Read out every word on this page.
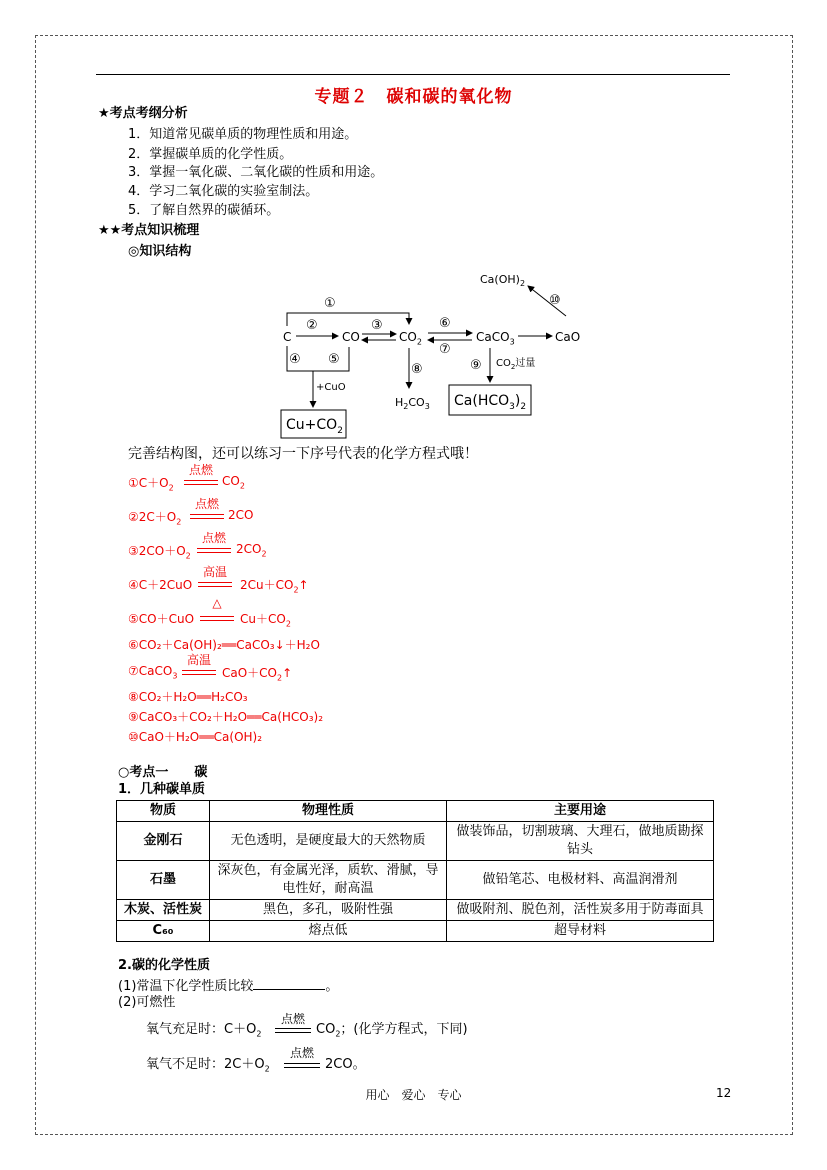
专题２　碳和碳的氧化物
★考点考纲分析
1．知道常见碳单质的物理性质和用途。
2．掌握碳单质的化学性质。
3．掌握一氧化碳、二氧化碳的性质和用途。
4．学习二氧化碳的实验室制法。
5．了解自然界的碳循环。
★★考点知识梳理
◎知识结构
C	CO	$CO_2$	CaCO$_3$	CaO
$Ca(OH)_2$
$H_2CO_3$
$Cu+CO_2$
$Ca(HCO_3)_2$
①
②	③
④ ⑤
⑥
⑦
⑧	⑨
⑩
+CuO
$CO_2$过量
完善结构图，还可以练习一下序号代表的化学方程式哦！
$①C+O_2$
点燃
$CO_2$
$②2C+O_2$
点燃
2CO
$③2CO+O_2$
点燃
$2CO_2$
④C＋2CuO
高温
$2Cu+CO_2↑$
⑤CO＋CuO
△
$Cu+CO_2$
⑥CO₂＋Ca(OH)₂══CaCO₃↓＋H₂O
⑦CaCO$_3$
高温
$CaO+CO_2↑$
⑧CO₂＋H₂O══H₂CO₃
⑨CaCO₃＋CO₂＋H₂O══Ca(HCO₃)₂
⑩CaO＋H₂O══Ca(OH)₂
○考点一　　碳
1．几种碳单质
物质	物理性质	主要用途
金刚石	无色透明，是硬度最大的天然物质	做装饰品，切割玻璃、大理石，做地质勘探钻头
石墨	深灰色，有金属光泽，质软、滑腻，导电性好，耐高温	做铅笔芯、电极材料、高温润滑剂
木炭、活性炭	黑色，多孔，吸附性强	做吸附剂、脱色剂，活性炭多用于防毒面具
C₆₀	熔点低	超导材料
2.碳的化学性质
(1)常温下化学性质比较	。
(2)可燃性
氧气充足时：$C+O_2$
点燃
$CO_2$；(化学方程式，下同)
氧气不足时：$2C+O_2$
点燃
2CO。
用心　爱心　专心	12
